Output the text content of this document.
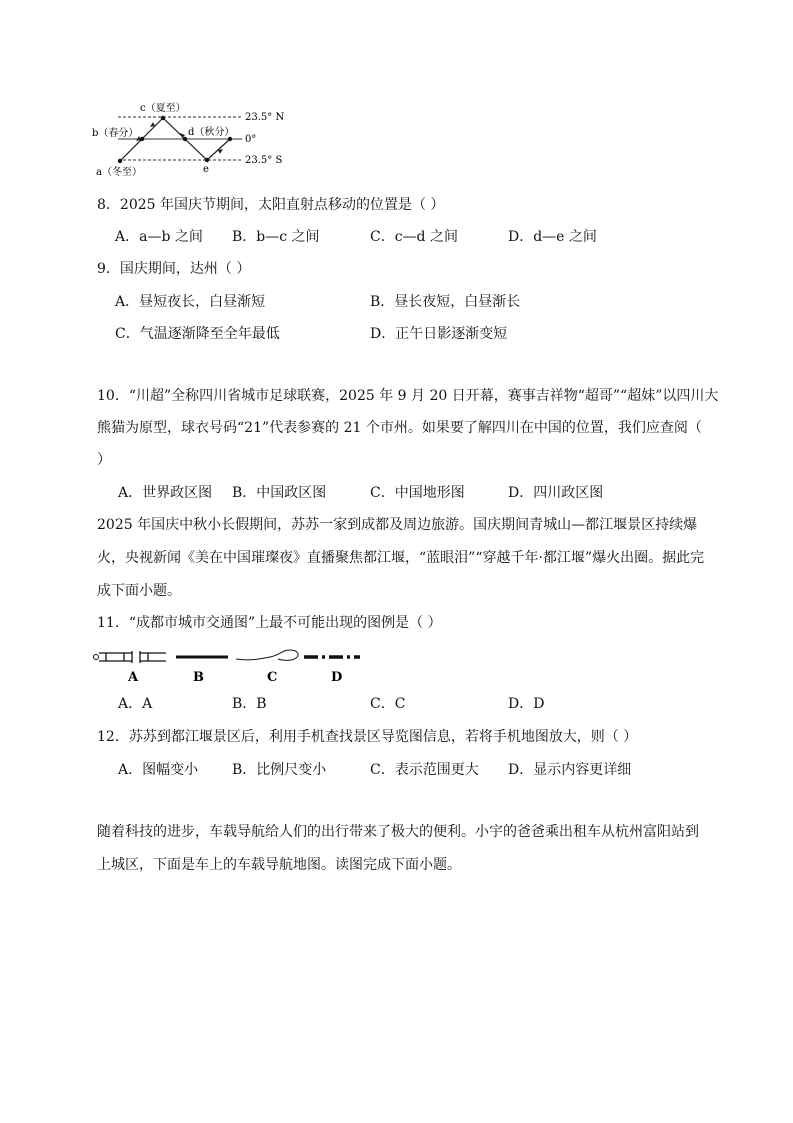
c（夏至）
b（春分）	d（秋分）
a（冬至）	e
23.5° N
0°
23.5° S
8．2025 年国庆节期间，太阳直射点移动的位置是（ ）
A．a—b 之间 B．b—c 之间	C．c—d 之间	D．d—e 之间
9．国庆期间，达州（ ）
A．昼短夜长，白昼渐短	B．昼长夜短，白昼渐长
C．气温逐渐降至全年最低	D．正午日影逐渐变短
10．“川超”全称四川省城市足球联赛，2025 年 9 月 20 日开幕，赛事吉祥物“超哥”“超妹”以四川大
熊猫为原型，球衣号码“21”代表参赛的 21 个市州。如果要了解四川在中国的位置，我们应查阅（
）
A．世界政区图 B．中国政区图	C．中国地形图	D．四川政区图
2025 年国庆中秋小长假期间，苏苏一家到成都及周边旅游。国庆期间青城山—都江堰景区持续爆
火，央视新闻《美在中国璀璨夜》直播聚焦都江堰，“蓝眼泪”“穿越千年·都江堰”爆火出圈。据此完
成下面小题。
11．“成都市城市交通图”上最不可能出现的图例是（ ）
A	B	C	D
A．A	B．B	C．C	D．D
12．苏苏到都江堰景区后，利用手机查找景区导览图信息，若将手机地图放大，则（ ）
A．图幅变小 B．比例尺变小	C．表示范围更大 D．显示内容更详细
随着科技的进步，车载导航给人们的出行带来了极大的便利。小宇的爸爸乘出租车从杭州富阳站到
上城区，下面是车上的车载导航地图。读图完成下面小题。
